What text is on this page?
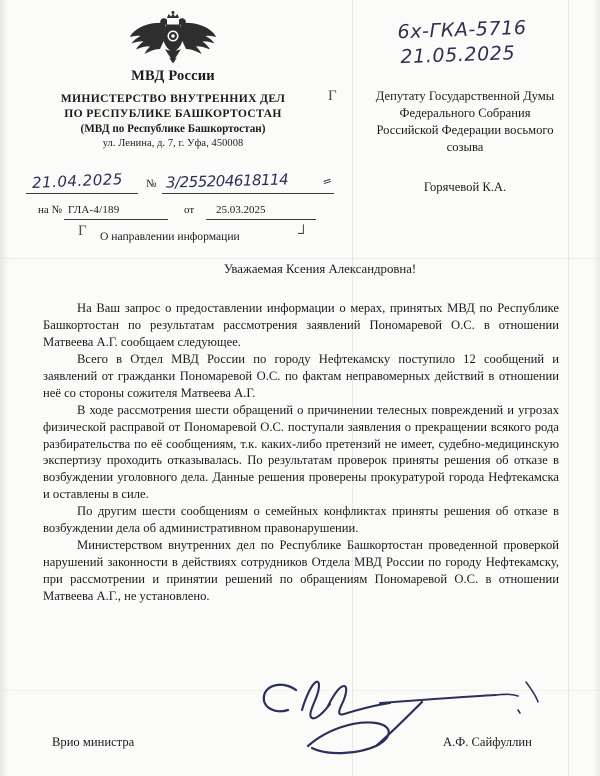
МВД России
МИНИСТЕРСТВО ВНУТРЕННИХ ДЕЛ
ПО РЕСПУБЛИКЕ БАШКОРТОСТАН
(МВД по Республике Башкортостан)
ул. Ленина, д. 7, г. Уфа, 450008
21.04.2025 № 3/255204618114
на № ГЛА-4/189	от 25.03.2025
Г О направлении информации	┘
6х-ГКА-5716
21.05.2025
Г	Депутату Государственной Думы
Федерального Собрания
Российской Федерации восьмого
созыва
Горячевой К.А.
‗
Уважаемая Ксения Александровна!

На Ваш запрос о предоставлении информации о мерах, принятых МВД по Республике Башкортостан по результатам рассмотрения заявлений Пономаревой О.С. в отношении Матвеева А.Г. сообщаем следующее.

Всего в Отдел МВД России по городу Нефтекамску поступило 12 сообщений и заявлений от гражданки Пономаревой О.С. по фактам неправомерных действий в отношении неё со стороны сожителя Матвеева А.Г.

В ходе рассмотрения шести обращений о причинении телесных повреждений и угрозах физической расправой от Пономаревой О.С. поступали заявления о прекращении всякого рода разбирательства по её сообщениям, т.к. каких-либо претензий не имеет, судебно-медицинскую экспертизу проходить отказывалась. По результатам проверок приняты решения об отказе в возбуждении уголовного дела. Данные решения проверены прокуратурой города Нефтекамска и оставлены в силе.

По другим шести сообщениям о семейных конфликтах приняты решения об отказе в возбуждении дела об административном правонарушении.

Министерством внутренних дел по Республике Башкортостан проведенной проверкой нарушений законности в действиях сотрудников Отдела МВД России по городу Нефтекамску, при рассмотрении и принятии решений по обращениям Пономаревой О.С. в отношении Матвеева А.Г., не установлено.

Врио министра	А.Ф. Сайфуллин
